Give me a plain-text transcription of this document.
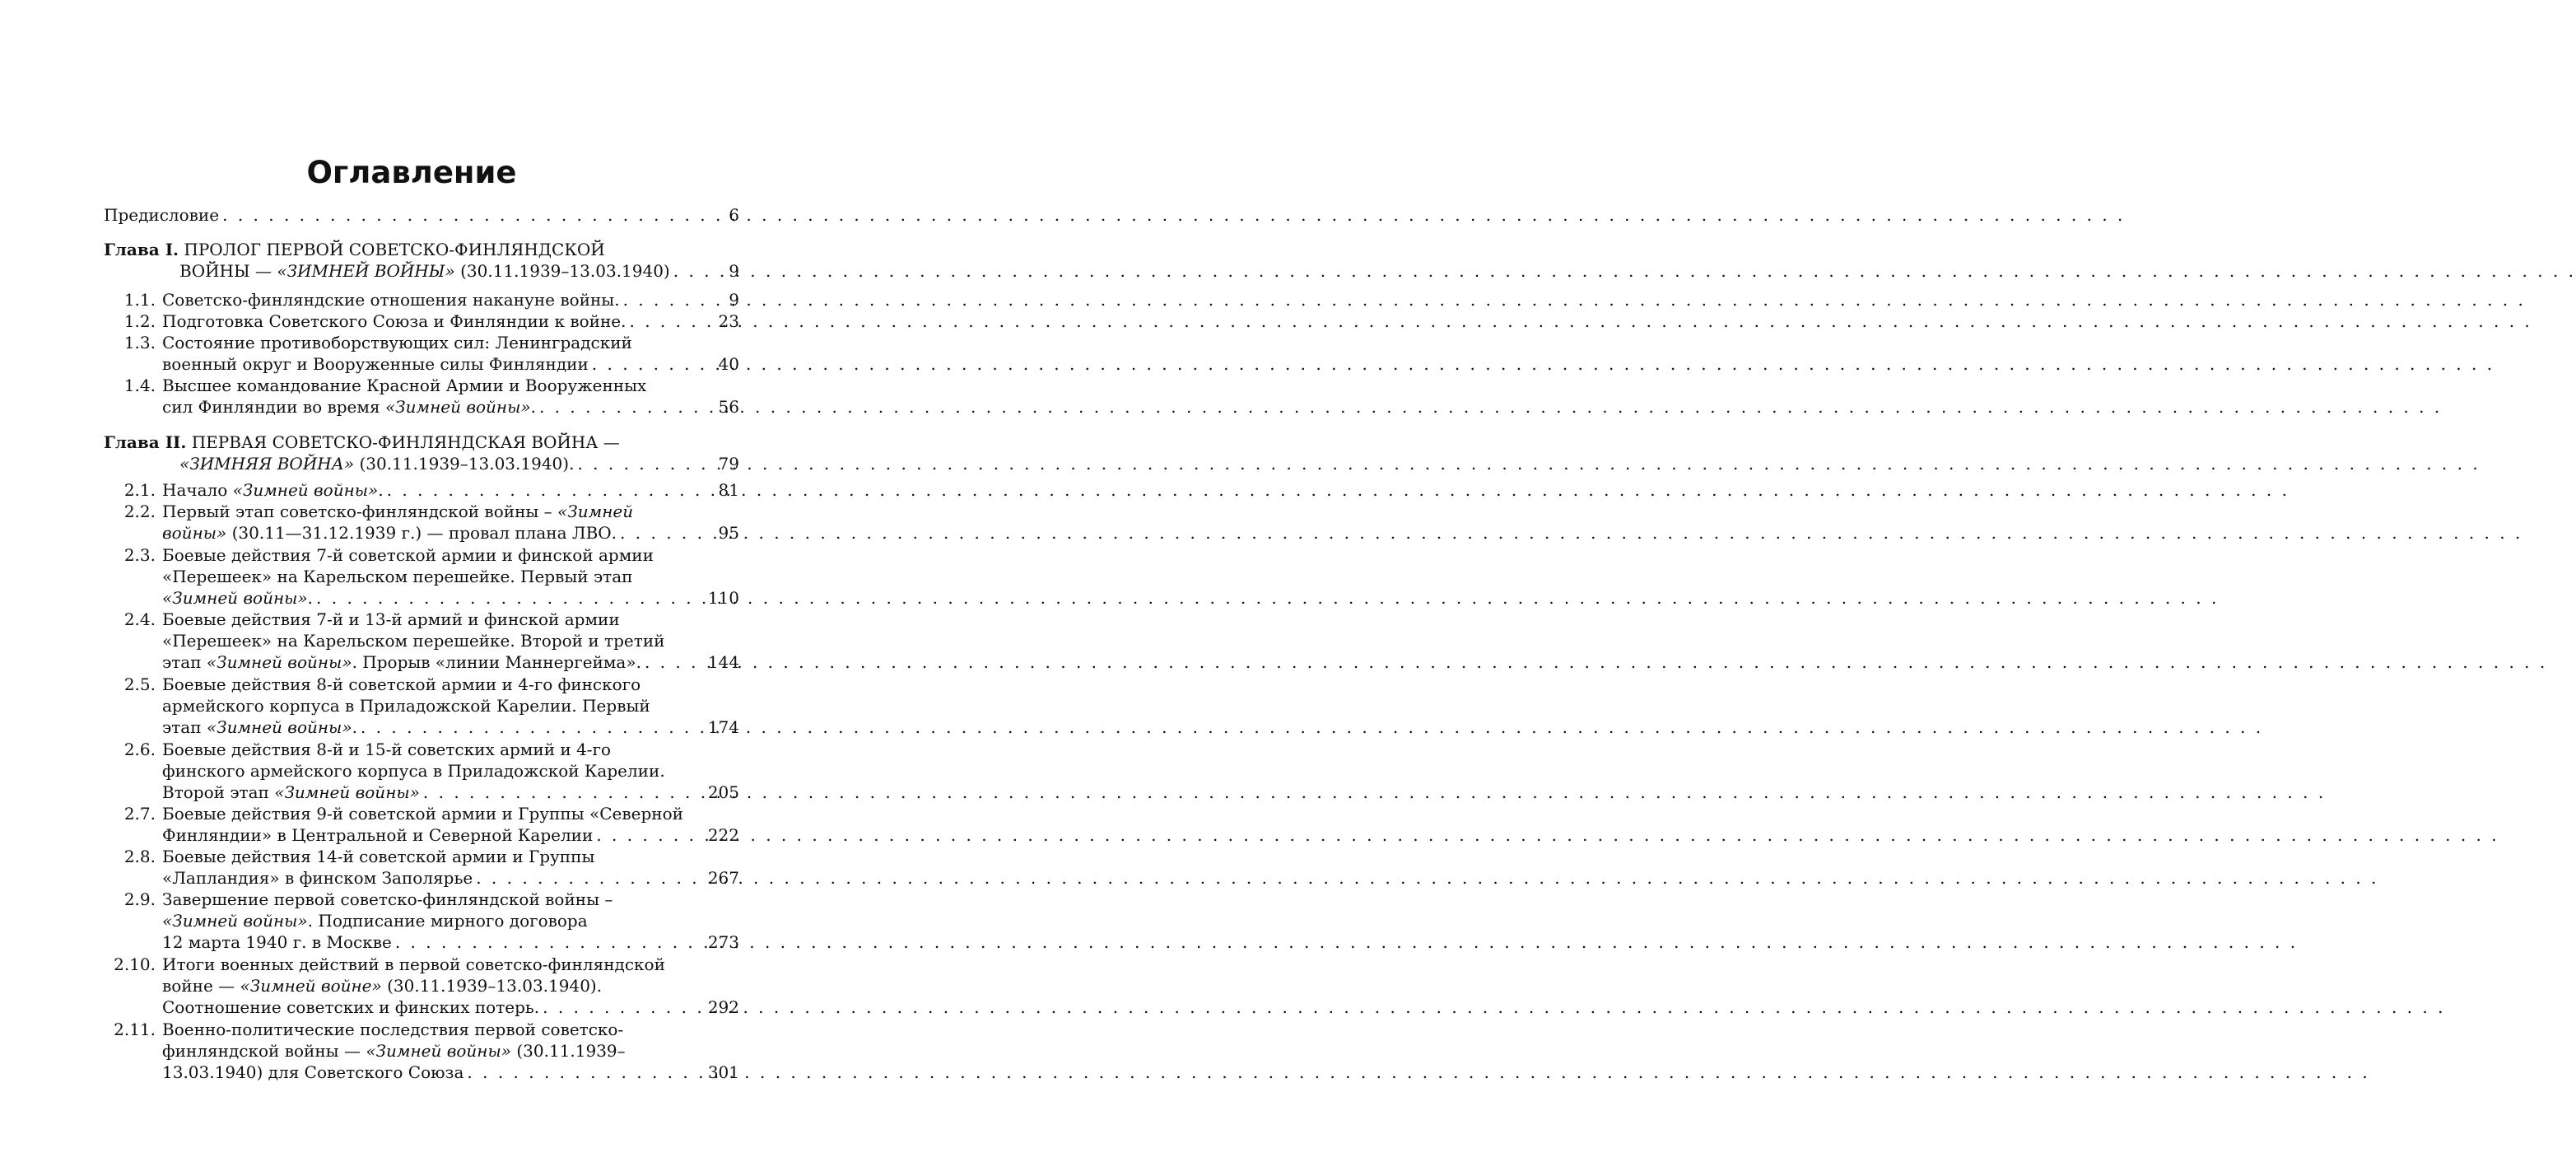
Оглавление
Предисловие . . .	6
Глава I. ПРОЛОГ ПЕРВОЙ СОВЕТСКО-ФИНЛЯНДСКОЙ
ВОЙНЫ — «ЗИМНЕЙ ВОЙНЫ» (30.11.1939–13.03.1940) . . .	9
1.1. Советско-финляндские отношения накануне войны. . . .	9
1.2. Подготовка Советского Союза и Финляндии к войне. . . .	23
1.3. Состояние противоборствующих сил: Ленинградский
военный округ и Вооруженные силы Финляндии . . .	40
1.4. Высшее командование Красной Армии и Вооруженных
сил Финляндии во время «Зимней войны». . . .	56
Глава II. ПЕРВАЯ СОВЕТСКО-ФИНЛЯНДСКАЯ ВОЙНА —
«ЗИМНЯЯ ВОЙНА» (30.11.1939–13.03.1940). . . .	79
2.1. Начало «Зимней войны». . . .	81
2.2. Первый этап советско-финляндской войны – «Зимней
войны» (30.11—31.12.1939 г.) — провал плана ЛВО. . . .	95
2.3. Боевые действия 7-й советской армии и финской армии
«Перешеек» на Карельском перешейке. Первый этап
«Зимней войны». . . .	110
2.4. Боевые действия 7-й и 13-й армий и финской армии
«Перешеек» на Карельском перешейке. Второй и третий
этап «Зимней войны». Прорыв «линии Маннергейма». . . .	144
2.5. Боевые действия 8-й советской армии и 4-го финского
армейского корпуса в Приладожской Карелии. Первый
этап «Зимней войны». . . .	174
2.6. Боевые действия 8-й и 15-й советских армий и 4-го
финского армейского корпуса в Приладожской Карелии.
Второй этап «Зимней войны» . . .	205
2.7. Боевые действия 9-й советской армии и Группы «Северной
Финляндии» в Центральной и Северной Карелии . . .	222
2.8. Боевые действия 14-й советской армии и Группы
«Лапландия» в финском Заполярье . . .	267
2.9. Завершение первой советско-финляндской войны –
«Зимней войны». Подписание мирного договора
12 марта 1940 г. в Москве . . .	273
2.10. Итоги военных действий в первой советско-финляндской
войне — «Зимней войне» (30.11.1939–13.03.1940).
Соотношение советских и финских потерь. . . .	292
2.11. Военно-политические последствия первой советско-
финляндской войны — «Зимней войны» (30.11.1939–
13.03.1940) для Советского Союза . . .	301
